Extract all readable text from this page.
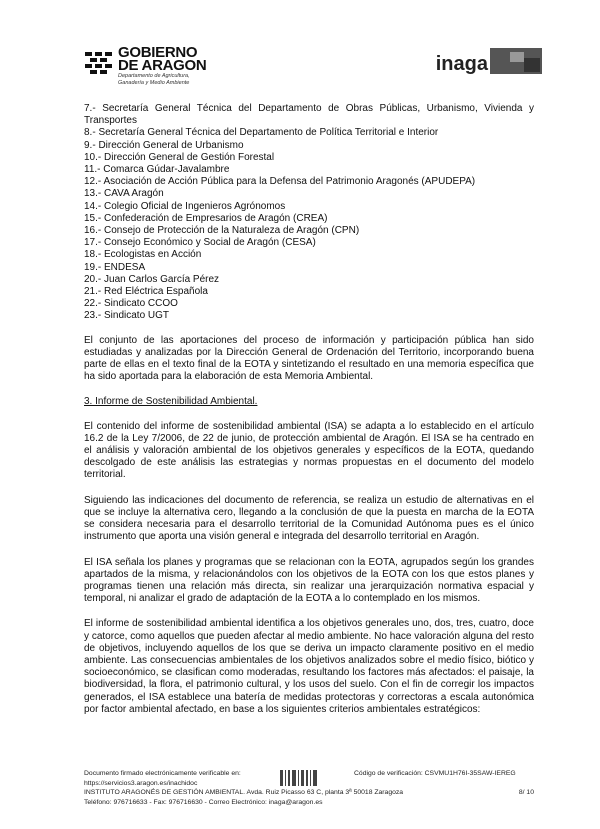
GOBIERNO
DE ARAGON
Departamento de Agricultura,
Ganadería y Medio Ambiente
inaga
7.- Secretaría General Técnica del Departamento de Obras Públicas, Urbanismo, Vivienda y Transportes
8.- Secretaría General Técnica del Departamento de Política Territorial e Interior
9.- Dirección General de Urbanismo
10.- Dirección General de Gestión Forestal
11.- Comarca Gúdar-Javalambre
12.- Asociación de Acción Pública para la Defensa del Patrimonio Aragonés (APUDEPA)
13.- CAVA Aragón
14.- Colegio Oficial de Ingenieros Agrónomos
15.- Confederación de Empresarios de Aragón (CREA)
16.- Consejo de Protección de la Naturaleza de Aragón (CPN)
17.- Consejo Económico y Social de Aragón (CESA)
18.- Ecologistas en Acción
19.- ENDESA
20.- Juan Carlos García Pérez
21.- Red Eléctrica Española
22.- Sindicato CCOO
23.- Sindicato UGT

El conjunto de las aportaciones del proceso de información y participación pública han sido estudiadas y analizadas por la Dirección General de Ordenación del Territorio, incorporando buena parte de ellas en el texto final de la EOTA y sintetizando el resultado en una memoria específica que ha sido aportada para la elaboración de esta Memoria Ambiental.

3. Informe de Sostenibilidad Ambiental.

El contenido del informe de sostenibilidad ambiental (ISA) se adapta a lo establecido en el artículo 16.2 de la Ley 7/2006, de 22 de junio, de protección ambiental de Aragón. El ISA se ha centrado en el análisis y valoración ambiental de los objetivos generales y específicos de la EOTA, quedando descolgado de este análisis las estrategias y normas propuestas en el documento del modelo territorial.

Siguiendo las indicaciones del documento de referencia, se realiza un estudio de alternativas en el que se incluye la alternativa cero, llegando a la conclusión de que la puesta en marcha de la EOTA se considera necesaria para el desarrollo territorial de la Comunidad Autónoma pues es el único instrumento que aporta una visión general e integrada del desarrollo territorial en Aragón.

El ISA señala los planes y programas que se relacionan con la EOTA, agrupados según los grandes apartados de la misma, y relacionándolos con los objetivos de la EOTA con los que estos planes y programas tienen una relación más directa, sin realizar una jerarquización normativa espacial y temporal, ni analizar el grado de adaptación de la EOTA a lo contemplado en los mismos.

El informe de sostenibilidad ambiental identifica a los objetivos generales uno, dos, tres, cuatro, doce y catorce, como aquellos que pueden afectar al medio ambiente. No hace valoración alguna del resto de objetivos, incluyendo aquellos de los que se deriva un impacto claramente positivo en el medio ambiente. Las consecuencias ambientales de los objetivos analizados sobre el medio físico, biótico y socioeconómico, se clasifican como moderadas, resultando los factores más afectados: el paisaje, la biodiversidad, la flora, el patrimonio cultural, y los usos del suelo. Con el fin de corregir los impactos generados, el ISA establece una batería de medidas protectoras y correctoras a escala autonómica por factor ambiental afectado, en base a los siguientes criterios ambientales estratégicos:

Documento firmado electrónicamente verificable en:	Código de verificación: CSVMU1H76I-35SAW-IEREG
https://servicios3.aragon.es/inachidoc
INSTITUTO ARAGONÉS DE GESTIÓN AMBIENTAL. Avda. Ruiz Picasso 63 C, planta 3ª 50018 Zaragoza	8/ 10
Teléfono: 976716633 - Fax: 976716630 - Correo Electrónico: inaga@aragon.es
